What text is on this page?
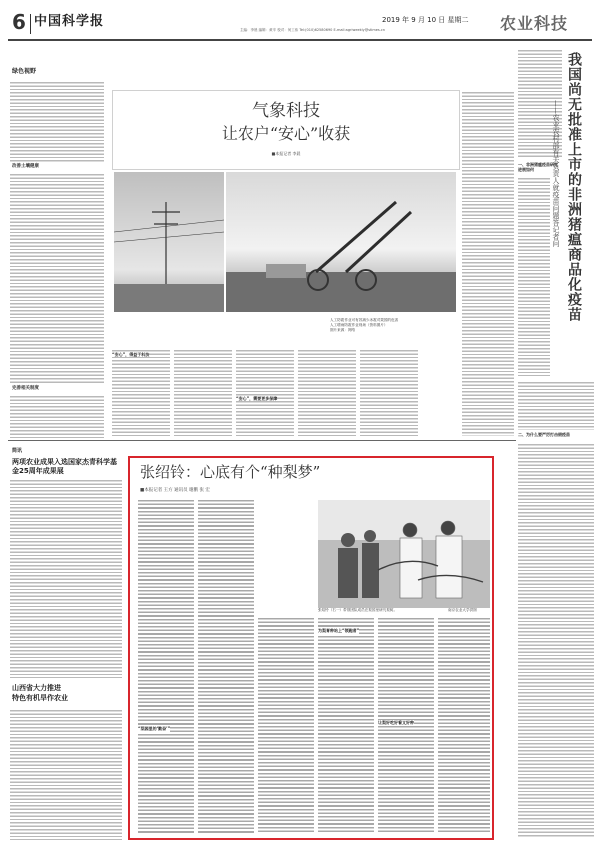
6 中国科学报	2019 年 9 月 10 日 星期二
主编：李晨 编辑：黄辛 校对：何工伟 Tel:(010)62580690 E-mail:agriweekly@stimes.cn	农业科技
绿色视野
改善土壤健康
完善相关制度
气象科技
让农户“安心”收获
■本报记者 李晨
人工防雹作业可有效减少冰雹对果园的危害
人工增雨防雹作业现场（资料图片）
图片来源：网络
“安心”，得益于科技
“安心”，需要更多保障
我国尚无批准上市的非洲猪瘟商品化疫苗
——农业农村部有关负责人就疫苗问题答记者问
一、非洲猪瘟疫苗研究进展如何
二、为什么要严厉打击假疫苗
简讯
两项农业成果入选国家杰青科学基金25周年成果展
山西省大力推进
特色有机旱作农业
张绍铃：心底有个“种梨梦”
■本报记者 王方 通讯员 谢鹏 张 宏
“梨园里的‘勤奋’”
为梨育种站上“领跑者”
让梨好吃好看又好种
张绍铃（右一）带领团队成员在梨园里研究梨树。	南京农业大学供图
